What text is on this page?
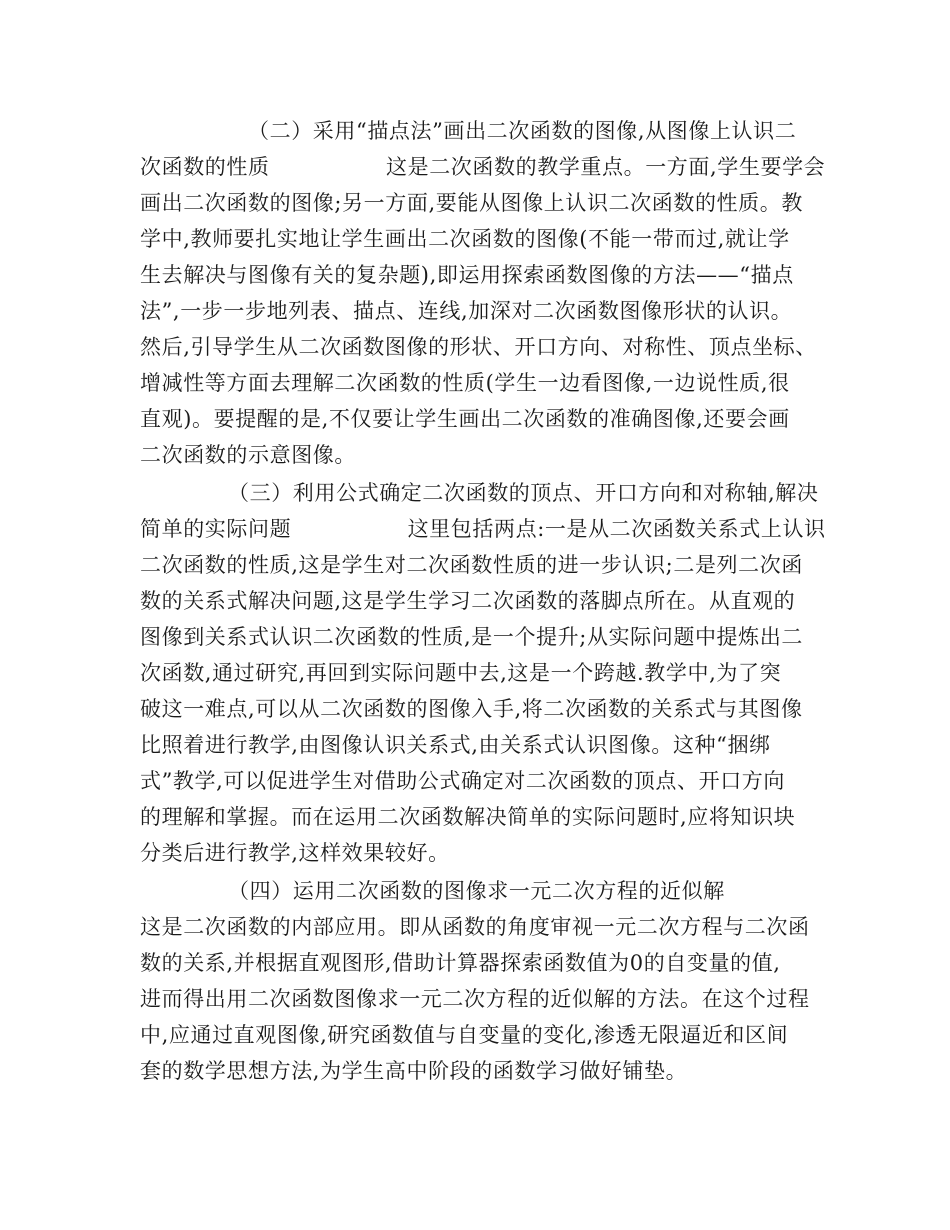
（二）采用“描点法”画出二次函数的图像,从图像上认识二
次函数的性质                这是二次函数的教学重点。一方面,学生要学会
画出二次函数的图像;另一方面,要能从图像上认识二次函数的性质。教
学中,教师要扎实地让学生画出二次函数的图像(不能一带而过,就让学
生去解决与图像有关的复杂题),即运用探索函数图像的方法——“描点
法”,一步一步地列表、描点、连线,加深对二次函数图像形状的认识。
然后,引导学生从二次函数图像的形状、开口方向、对称性、顶点坐标、
增减性等方面去理解二次函数的性质(学生一边看图像,一边说性质,很
直观)。要提醒的是,不仅要让学生画出二次函数的准确图像,还要会画
二次函数的示意图像。
（三）利用公式确定二次函数的顶点、开口方向和对称轴,解决
简单的实际问题                这里包括两点:一是从二次函数关系式上认识
二次函数的性质,这是学生对二次函数性质的进一步认识;二是列二次函
数的关系式解决问题,这是学生学习二次函数的落脚点所在。从直观的
图像到关系式认识二次函数的性质,是一个提升;从实际问题中提炼出二
次函数,通过研究,再回到实际问题中去,这是一个跨越.教学中,为了突
破这一难点,可以从二次函数的图像入手,将二次函数的关系式与其图像
比照着进行教学,由图像认识关系式,由关系式认识图像。这种“捆绑
式”教学,可以促进学生对借助公式确定对二次函数的顶点、开口方向
的理解和掌握。而在运用二次函数解决简单的实际问题时,应将知识块
分类后进行教学,这样效果较好。
（四）运用二次函数的图像求一元二次方程的近似解
这是二次函数的内部应用。即从函数的角度审视一元二次方程与二次函
数的关系,并根据直观图形,借助计算器探索函数值为0的自变量的值,
进而得出用二次函数图像求一元二次方程的近似解的方法。在这个过程
中,应通过直观图像,研究函数值与自变量的变化,渗透无限逼近和区间
套的数学思想方法,为学生高中阶段的函数学习做好铺垫。
